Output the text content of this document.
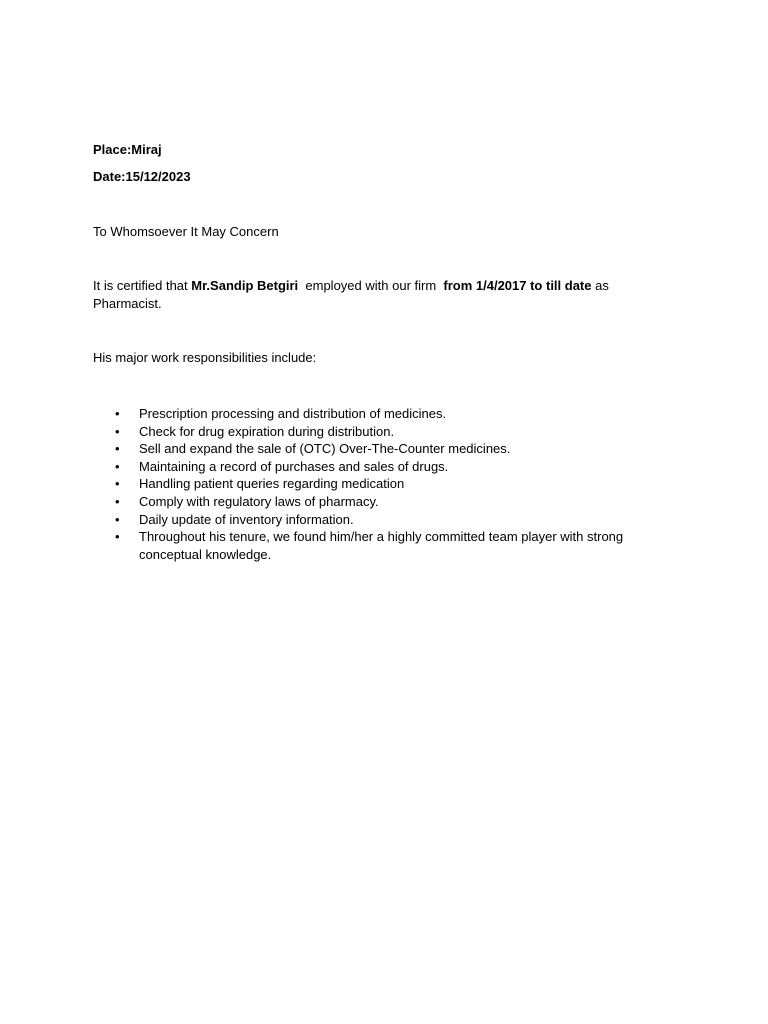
Place:Miraj
Date:15/12/2023
To Whomsoever It May Concern
It is certified that Mr.Sandip Betgiri  employed with our firm  from 1/4/2017 to till date as
Pharmacist.
His major work responsibilities include:
• Prescription processing and distribution of medicines.
• Check for drug expiration during distribution.
• Sell and expand the sale of (OTC) Over-The-Counter medicines.
• Maintaining a record of purchases and sales of drugs.
• Handling patient queries regarding medication
• Comply with regulatory laws of pharmacy.
• Daily update of inventory information.
• Throughout his tenure, we found him/her a highly committed team player with strong conceptual knowledge.
